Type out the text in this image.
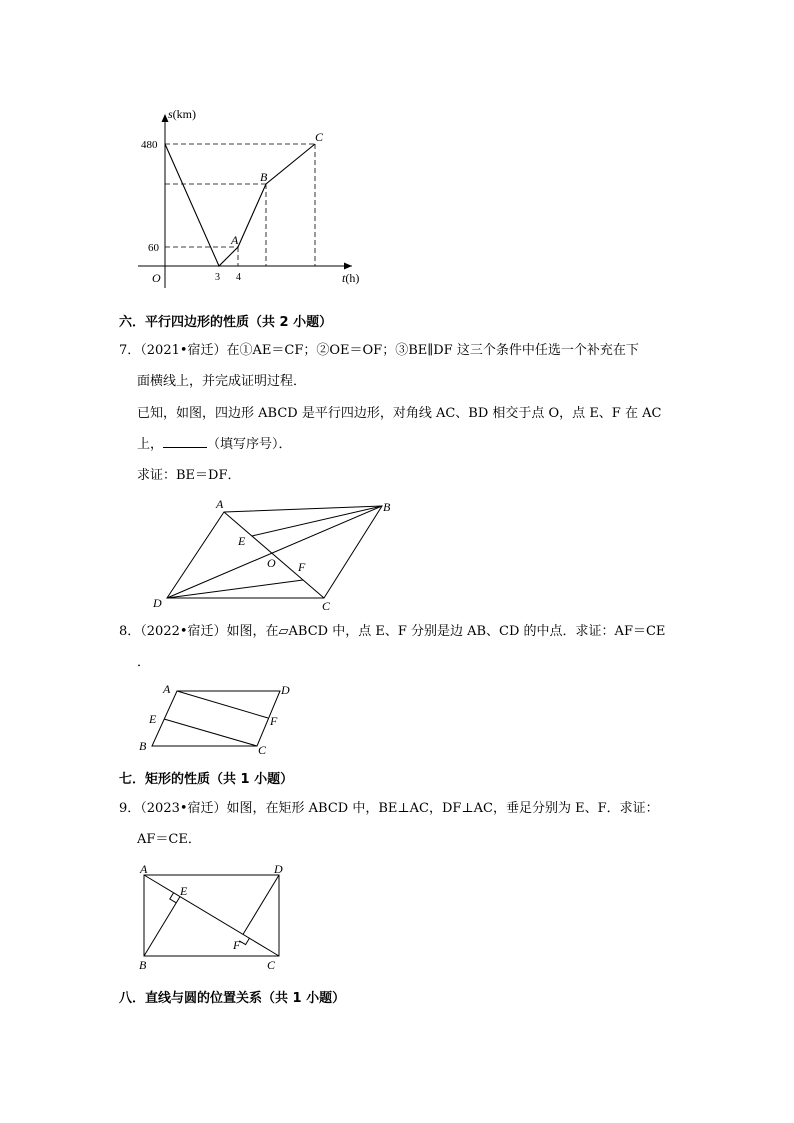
s(km)
t(h)
O
480
60
3 4
A
B
C
六．平行四边形的性质（共 2 小题）
7．（2021•宿迁）在①AE＝CF；②OE＝OF；③BE∥DF 这三个条件中任选一个补充在下
面横线上，并完成证明过程．
已知，如图，四边形 ABCD 是平行四边形，对角线 AC、BD 相交于点 O，点 E、F 在 AC
上，	（填写序号）．
求证：BE＝DF．
A	B
C
D
E
F
O
8．（2022•宿迁）如图，在▱ABCD 中，点 E、F 分别是边 AB、CD 的中点．求证：AF＝CE
．
A
B	C
D
E	F
七．矩形的性质（共 1 小题）
9．（2023•宿迁）如图，在矩形 ABCD 中，BE⊥AC，DF⊥AC，垂足分别为 E、F．求证：
AF＝CE．
A
B	C
D
E
F
八．直线与圆的位置关系（共 1 小题）
